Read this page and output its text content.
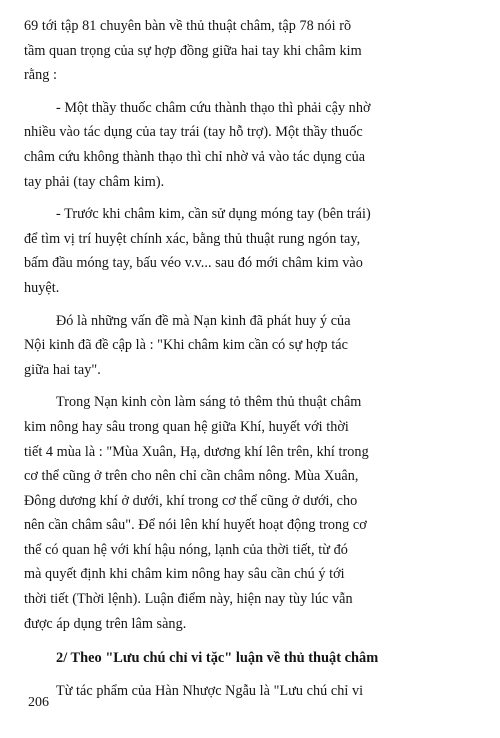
69 tới tập 81 chuyên bàn về thủ thuật châm, tập 78 nói rõ
tầm quan trọng của sự hợp đồng giữa hai tay khi châm kim
rằng :

- Một thầy thuốc châm cứu thành thạo thì phải cậy nhờ
nhiều vào tác dụng của tay trái (tay hỗ trợ). Một thầy thuốc
châm cứu không thành thạo thì chỉ nhờ vả vào tác dụng của
tay phải (tay châm kim).

- Trước khi châm kim, cần sử dụng móng tay (bên trái)
để tìm vị trí huyệt chính xác, bằng thủ thuật rung ngón tay,
bấm đầu móng tay, bấu véo v.v... sau đó mới châm kim vào
huyệt.

Đó là những vấn đề mà Nạn kinh đã phát huy ý của
Nội kinh đã đề cập là : "Khi châm kim cần có sự hợp tác
giữa hai tay".

Trong Nạn kinh còn làm sáng tỏ thêm thủ thuật châm
kim nông hay sâu trong quan hệ giữa Khí, huyết với thời
tiết 4 mùa là : "Mùa Xuân, Hạ, dương khí lên trên, khí trong
cơ thể cũng ở trên cho nên chỉ cần châm nông. Mùa Xuân,
Đông dương khí ở dưới, khí trong cơ thể cũng ở dưới, cho
nên cần châm sâu". Để nói lên khí huyết hoạt động trong cơ
thể có quan hệ với khí hậu nóng, lạnh của thời tiết, từ đó
mà quyết định khi châm kim nông hay sâu cần chú ý tới
thời tiết (Thời lệnh). Luận điểm này, hiện nay tùy lúc vẫn
được áp dụng trên lâm sàng.

2/ Theo "Lưu chú chỉ vi tặc" luận về thủ thuật châm

Từ tác phẩm của Hàn Nhược Ngẫu là "Lưu chú chỉ vi

206
